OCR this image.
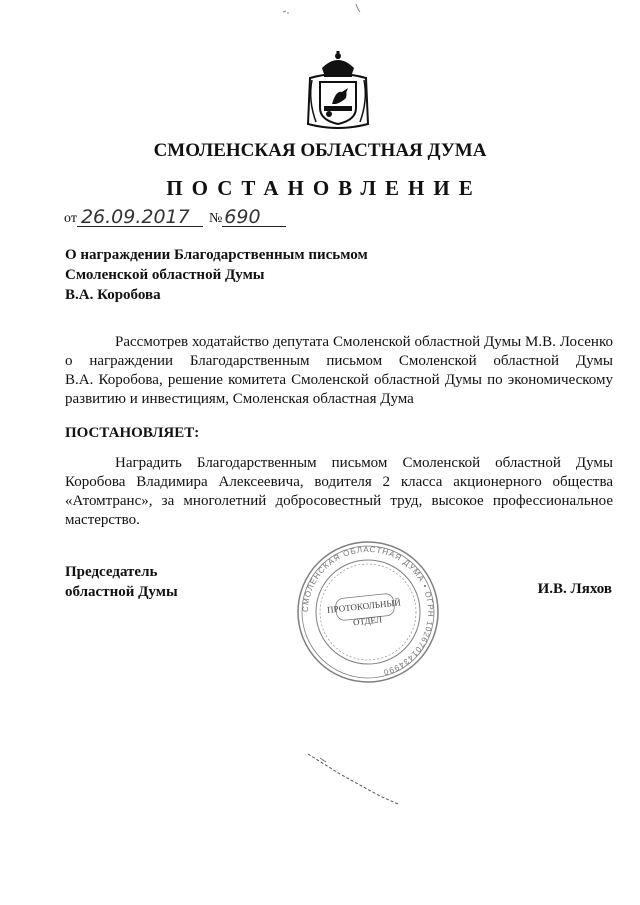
СМОЛЕНСКАЯ ОБЛАСТНАЯ ДУМА
ПОСТАНОВЛЕНИЕ
от 26.09.2017	№ 690
О награждении Благодарственным письмом
Смоленской областной Думы
В.А. Коробова
Рассмотрев ходатайство депутата Смоленской областной Думы М.В. Лосенко
о награждении Благодарственным письмом Смоленской областной Думы
В.А. Коробова, решение комитета Смоленской областной Думы по экономическому
развитию и инвестициям, Смоленская областная Дума
ПОСТАНОВЛЯЕТ:
Наградить Благодарственным письмом Смоленской областной Думы
Коробова Владимира Алексеевича, водителя 2 класса акционерного общества
«Атомтранс», за многолетний добросовестный труд, высокое профессиональное
мастерство.
Председатель
областной Думы	И.В. Ляхов
СМОЛЕНСКАЯ ОБЛАСТНАЯ ДУМА • ОГРН 1026701434990
ПРОТОКОЛЬНЫЙ
ОТДЕЛ
